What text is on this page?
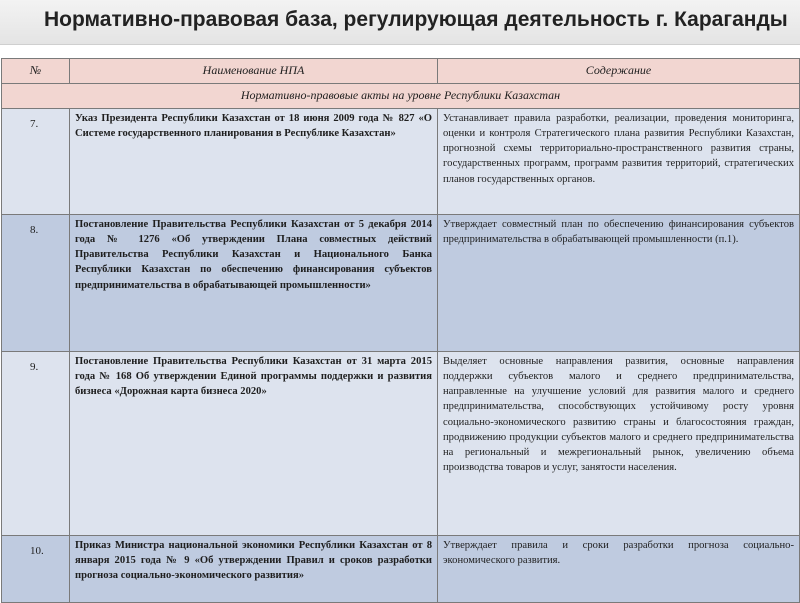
Нормативно-правовая база, регулирующая деятельность г. Караганды
№	Наименование НПА	Содержание
Нормативно-правовые акты на уровне Республики Казахстан		
7.	Указ Президента Республики Казахстан от 18 июня 2009 года № 827 «О Системе государственного планирования в Республике Казахстан»	Устанавливает правила разработки, реализации, проведения мониторинга, оценки и контроля Стратегического плана развития Республики Казахстан, прогнозной схемы территориально-пространственного развития страны, государственных программ, программ развития территорий, стратегических планов государственных органов.
8.	Постановление Правительства Республики Казахстан от 5 декабря 2014 года № 1276 «Об утверждении Плана совместных действий Правительства Республики Казахстан и Национального Банка Республики Казахстан по обеспечению финансирования субъектов предпринимательства в обрабатывающей промышленности»	Утверждает совместный план по обеспечению финансирования субъектов предпринимательства в обрабатывающей промышленности (п.1).
9.	Постановление Правительства Республики Казахстан от 31 марта 2015 года № 168 Об утверждении Единой программы поддержки и развития бизнеса «Дорожная карта бизнеса 2020»	Выделяет основные направления развития, основные направления поддержки субъектов малого и среднего предпринимательства, направленные на улучшение условий для развития малого и среднего предпринимательства, способствующих устойчивому росту уровня социально-экономического развитию страны и благосостояния граждан, продвижению продукции субъектов малого и среднего предпринимательства на региональный и межрегиональный рынок, увеличению объема производства товаров и услуг, занятости населения.
10.	Приказ Министра национальной экономики Республики Казахстан от 8 января 2015 года № 9 «Об утверждении Правил и сроков разработки прогноза социально-экономического развития»	Утверждает правила и сроки разработки прогноза социально-экономического развития.
